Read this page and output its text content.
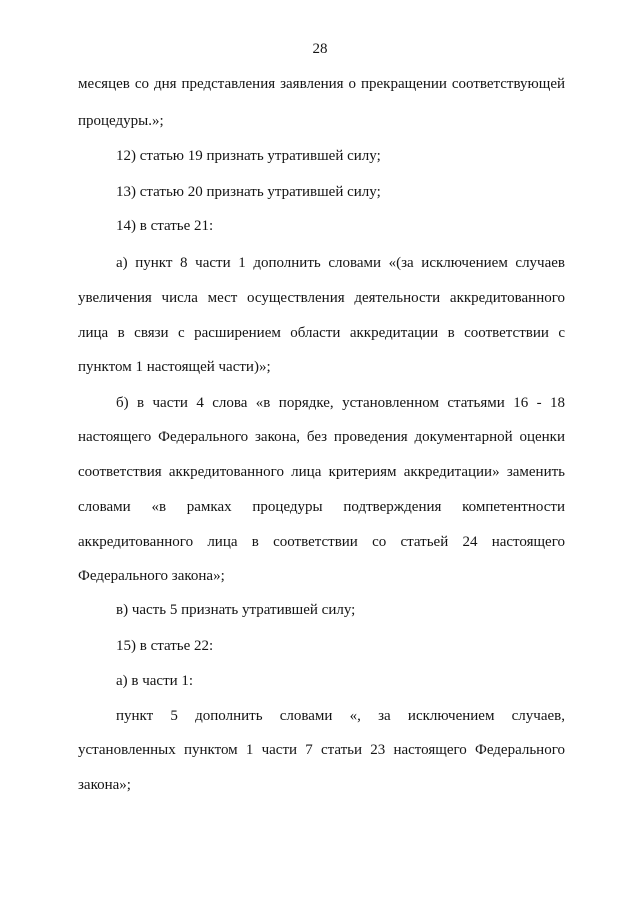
28
месяцев со дня представления заявления о прекращении соответствующей
процедуры.»;
12) статью 19 признать утратившей силу;
13) статью 20 признать утратившей силу;
14) в статье 21:
а) пункт 8 части 1 дополнить словами «(за исключением случаев
увеличения числа мест осуществления деятельности аккредитованного
лица в связи с расширением области аккредитации в соответствии с
пунктом 1 настоящей части)»;
б) в части 4 слова «в порядке, установленном статьями 16 - 18
настоящего Федерального закона, без проведения документарной оценки
соответствия аккредитованного лица критериям аккредитации» заменить
словами «в рамках процедуры подтверждения компетентности
аккредитованного лица в соответствии со статьей 24 настоящего
Федерального закона»;
в) часть 5 признать утратившей силу;
15) в статье 22:
а) в части 1:
пункт 5 дополнить словами «, за исключением случаев,
установленных пунктом 1 части 7 статьи 23 настоящего Федерального
закона»;
